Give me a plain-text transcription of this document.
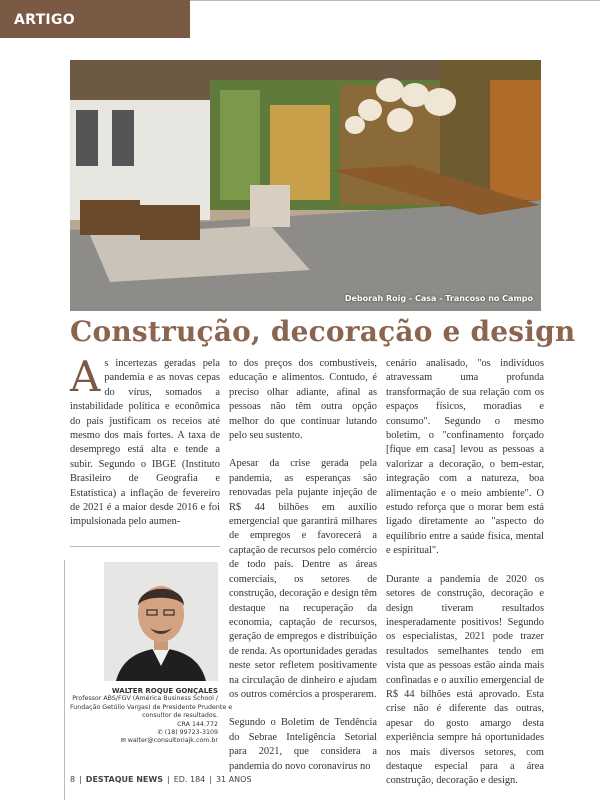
ARTIGO
Deborah Roig - Casa - Trancoso no Campo
Construção, decoração e design

As incertezas geradas pela pandemia e as novas cepas do vírus, somados a instabilidade política e econômica do país justificam os receios até mesmo dos mais fortes. A taxa de desemprego está alta e tende a subir. Segundo o IBGE (Instituto Brasileiro de Geografia e Estatística) a inflação de fevereiro de 2021 é a maior desde 2016 e foi impulsionada pelo aumen-

WALTER ROQUE GONÇALES
Professor ABS/FGV (América Business School /
Fundação Getúlio Vargas) de Presidente Prudente e
consultor de resultados.
CRA 144.772
✆ (18) 99723-3109
✉ walter@consultoriajk.com.br

to dos preços dos combustíveis, educação e alimentos. Contudo, é preciso olhar adiante, afinal as pessoas não têm outra opção melhor do que continuar lutando pelo seu sustento.

Apesar da crise gerada pela pandemia, as esperanças são renovadas pela pujante injeção de R$ 44 bilhões em auxílio emergencial que garantirá milhares de empregos e favorecerá a captação de recursos pelo comércio de todo país. Dentre as áreas comerciais, os setores de construção, decoração e design têm destaque na recuperação da economia, captação de recursos, geração de empregos e distribuição de renda. As oportunidades geradas neste setor refletem positivamente na circulação de dinheiro e ajudam os outros comércios a prosperarem.

Segundo o Boletim de Tendência do Sebrae Inteligência Setorial para 2021, que considera a pandemia do novo coronavírus no

cenário analisado, "os indivíduos atravessam uma profunda transformação de sua relação com os espaços físicos, moradias e consumo". Segundo o mesmo boletim, o "confinamento forçado [fique em casa] levou as pessoas a valorizar a decoração, o bem-estar, integração com a natureza, boa alimentação e o meio ambiente". O estudo reforça que o morar bem está ligado diretamente ao "aspecto do equilíbrio entre a saúde física, mental e espiritual".

Durante a pandemia de 2020 os setores de construção, decoração e design tiveram resultados inesperadamente positivos! Segundo os especialistas, 2021 pode trazer resultados semelhantes tendo em vista que as pessoas estão ainda mais confinadas e o auxílio emergencial de R$ 44 bilhões está aprovado. Esta crise não é diferente das outras, apesar do gosto amargo desta experiência sempre há oportunidades nos mais diversos setores, com destaque especial para a área construção, decoração e design.

8 | DESTAQUE NEWS | ED. 184 | 31 ANOS
